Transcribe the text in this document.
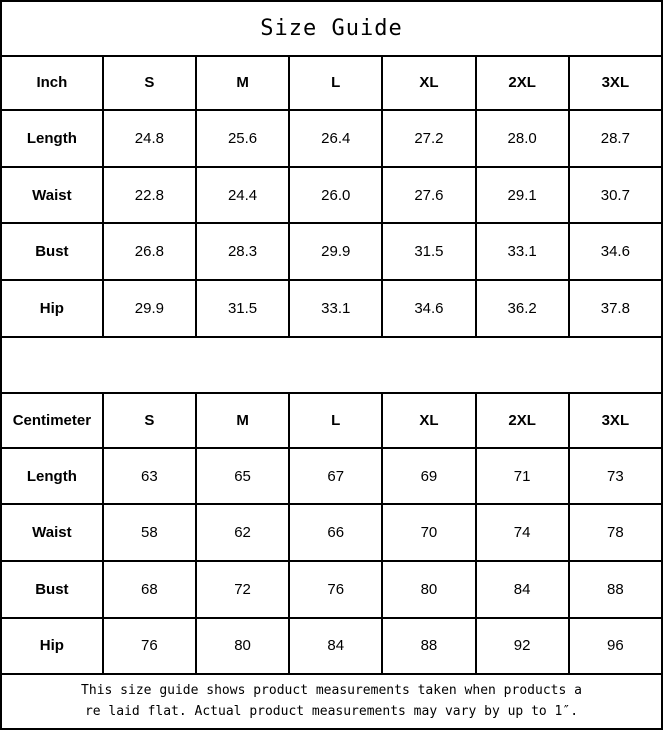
Size Guide						
Inch	S	M	L	XL	2XL	3XL
Length	24.8	25.6	26.4	27.2	28.0	28.7
Waist	22.8	24.4	26.0	27.6	29.1	30.7
Bust	26.8	28.3	29.9	31.5	33.1	34.6
Hip	29.9	31.5	33.1	34.6	36.2	37.8

Centimeter	S	M	L	XL	2XL	3XL
Length	63	65	67	69	71	73
Waist	58	62	66	70	74	78
Bust	68	72	76	80	84	88
Hip	76	80	84	88	92	96

This size guide shows product measurements taken when products a
re laid flat. Actual product measurements may vary by up to 1″.						
